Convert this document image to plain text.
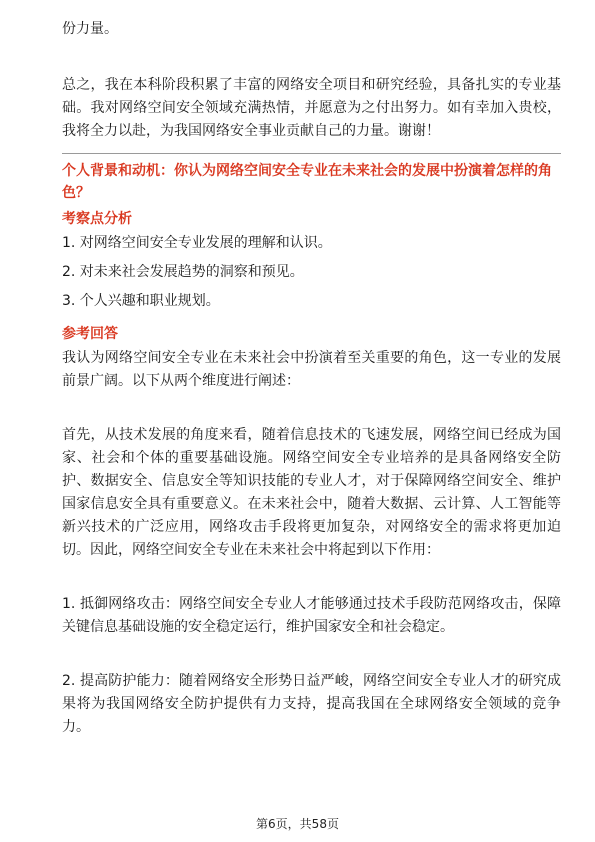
份力量。

总之，我在本科阶段积累了丰富的网络安全项目和研究经验，具备扎实的专业基础。我对网络空间安全领域充满热情，并愿意为之付出努力。如有幸加入贵校，我将全力以赴，为我国网络安全事业贡献自己的力量。谢谢！

个人背景和动机：你认为网络空间安全专业在未来社会的发展中扮演着怎样的角色？

考察点分析

1. 对网络空间安全专业发展的理解和认识。

2. 对未来社会发展趋势的洞察和预见。

3. 个人兴趣和职业规划。

参考回答

我认为网络空间安全专业在未来社会中扮演着至关重要的角色，这一专业的发展前景广阔。以下从两个维度进行阐述：

首先，从技术发展的角度来看，随着信息技术的飞速发展，网络空间已经成为国家、社会和个体的重要基础设施。网络空间安全专业培养的是具备网络安全防护、数据安全、信息安全等知识技能的专业人才，对于保障网络空间安全、维护国家信息安全具有重要意义。在未来社会中，随着大数据、云计算、人工智能等新兴技术的广泛应用，网络攻击手段将更加复杂，对网络安全的需求将更加迫切。因此，网络空间安全专业在未来社会中将起到以下作用：

1. 抵御网络攻击：网络空间安全专业人才能够通过技术手段防范网络攻击，保障关键信息基础设施的安全稳定运行，维护国家安全和社会稳定。

2. 提高防护能力：随着网络安全形势日益严峻，网络空间安全专业人才的研究成果将为我国网络安全防护提供有力支持，提高我国在全球网络安全领域的竞争力。

第6页，共58页
